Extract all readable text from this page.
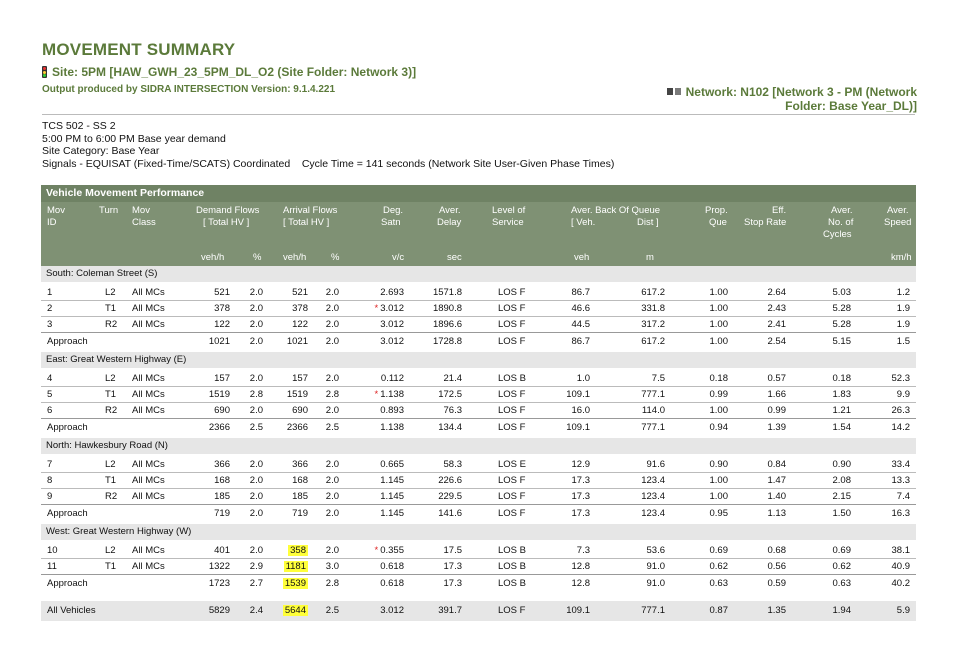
MOVEMENT SUMMARY
Site: 5PM [HAW_GWH_23_5PM_DL_O2 (Site Folder: Network 3)]
Output produced by SIDRA INTERSECTION Version: 9.1.4.221	Network: N102 [Network 3 - PM (Network
Folder: Base Year_DL)]
TCS 502 - SS 2
5:00 PM to 6:00 PM Base year demand
Site Category: Base Year
Signals - EQUISAT (Fixed-Time/SCATS) Coordinated    Cycle Time = 141 seconds (Network Site User-Given Phase Times)
Vehicle Movement Performance
Mov
ID
Turn Mov
Class
Demand Flows
[ Total HV ]
Arrival Flows
[ Total HV ]
Deg.
Satn
Aver.
Delay
Level of
Service
Aver. Back Of Queue
[ Veh.	Dist ]
Prop.
Que
Eff.
Stop Rate
Aver.
No. of
Cycles
Aver.
Speed
veh/h	% veh/h	%	v/c	sec	veh	m	km/h
South: Coleman Street (S)
1	L2 All MCs	521 2.0	521 2.0	2.693	1571.8	LOS F	86.7	617.2	1.00	2.64	5.03	1.2
2	T1 All MCs	378 2.0	378 2.0	* 3.012	1890.8	LOS F	46.6	331.8	1.00	2.43	5.28	1.9
3	R2 All MCs	122 2.0	122 2.0	3.012	1896.6	LOS F	44.5	317.2	1.00	2.41	5.28	1.9
Approach	1021 2.0	1021 2.0	3.012	1728.8	LOS F	86.7	617.2	1.00	2.54	5.15	1.5
East: Great Western Highway (E)
4	L2 All MCs	157 2.0	157 2.0	0.112	21.4	LOS B	1.0	7.5	0.18	0.57	0.18	52.3
5	T1 All MCs	1519 2.8	1519 2.8	* 1.138	172.5	LOS F	109.1	777.1	0.99	1.66	1.83	9.9
6	R2 All MCs	690 2.0	690 2.0	0.893	76.3	LOS F	16.0	114.0	1.00	0.99	1.21	26.3
Approach	2366 2.5	2366 2.5	1.138	134.4	LOS F	109.1	777.1	0.94	1.39	1.54	14.2
North: Hawkesbury Road (N)
7	L2 All MCs	366 2.0	366 2.0	0.665	58.3	LOS E	12.9	91.6	0.90	0.84	0.90	33.4
8	T1 All MCs	168 2.0	168 2.0	1.145	226.6	LOS F	17.3	123.4	1.00	1.47	2.08	13.3
9	R2 All MCs	185 2.0	185 2.0	1.145	229.5	LOS F	17.3	123.4	1.00	1.40	2.15	7.4
Approach	719 2.0	719 2.0	1.145	141.6	LOS F	17.3	123.4	0.95	1.13	1.50	16.3
West: Great Western Highway (W)
10	L2 All MCs	401 2.0	358 2.0	* 0.355	17.5	LOS B	7.3	53.6	0.69	0.68	0.69	38.1
11	T1 All MCs	1322 2.9 1181 3.0	0.618	17.3	LOS B	12.8	91.0	0.62	0.56	0.62	40.9
Approach	1723 2.7 1539 2.8	0.618	17.3	LOS B	12.8	91.0	0.63	0.59	0.63	40.2
All Vehicles	5829 2.4 5644 2.5	3.012	391.7	LOS F	109.1	777.1	0.87	1.35	1.94	5.9
